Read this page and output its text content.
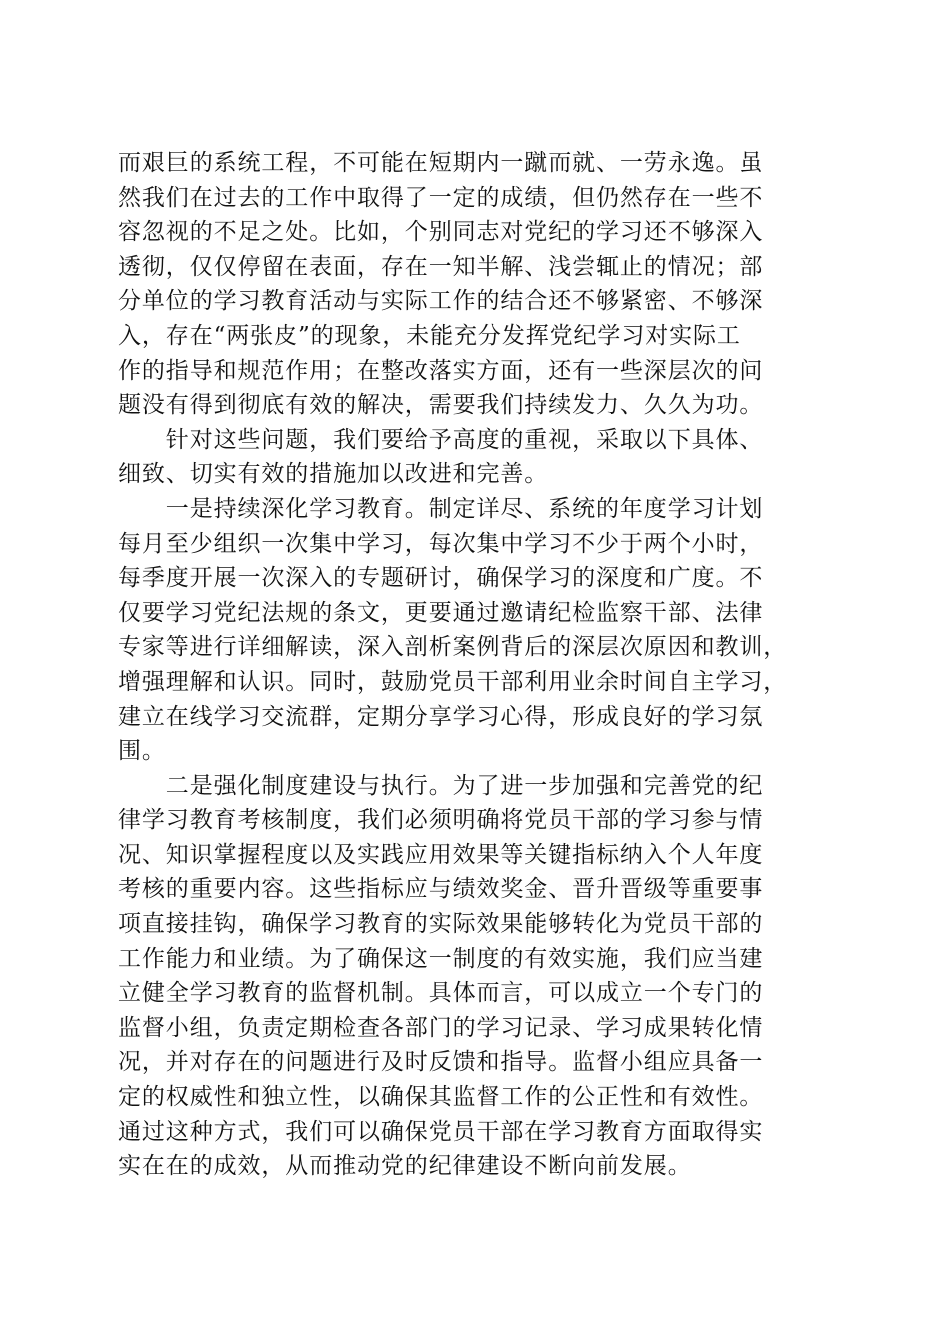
而艰巨的系统工程，不可能在短期内一蹴而就、一劳永逸。虽
然我们在过去的工作中取得了一定的成绩，但仍然存在一些不
容忽视的不足之处。比如，个别同志对党纪的学习还不够深入
透彻，仅仅停留在表面，存在一知半解、浅尝辄止的情况；部
分单位的学习教育活动与实际工作的结合还不够紧密、不够深
入，存在“两张皮”的现象，未能充分发挥党纪学习对实际工
作的指导和规范作用；在整改落实方面，还有一些深层次的问
题没有得到彻底有效的解决，需要我们持续发力、久久为功。
　　针对这些问题，我们要给予高度的重视，采取以下具体、
细致、切实有效的措施加以改进和完善。
　　一是持续深化学习教育。制定详尽、系统的年度学习计划
每月至少组织一次集中学习，每次集中学习不少于两个小时，
每季度开展一次深入的专题研讨，确保学习的深度和广度。不
仅要学习党纪法规的条文，更要通过邀请纪检监察干部、法律
专家等进行详细解读，深入剖析案例背后的深层次原因和教训，
增强理解和认识。同时，鼓励党员干部利用业余时间自主学习，
建立在线学习交流群，定期分享学习心得，形成良好的学习氛
围。
　　二是强化制度建设与执行。为了进一步加强和完善党的纪
律学习教育考核制度，我们必须明确将党员干部的学习参与情
况、知识掌握程度以及实践应用效果等关键指标纳入个人年度
考核的重要内容。这些指标应与绩效奖金、晋升晋级等重要事
项直接挂钩，确保学习教育的实际效果能够转化为党员干部的
工作能力和业绩。为了确保这一制度的有效实施，我们应当建
立健全学习教育的监督机制。具体而言，可以成立一个专门的
监督小组，负责定期检查各部门的学习记录、学习成果转化情
况，并对存在的问题进行及时反馈和指导。监督小组应具备一
定的权威性和独立性，以确保其监督工作的公正性和有效性。
通过这种方式，我们可以确保党员干部在学习教育方面取得实
实在在的成效，从而推动党的纪律建设不断向前发展。
